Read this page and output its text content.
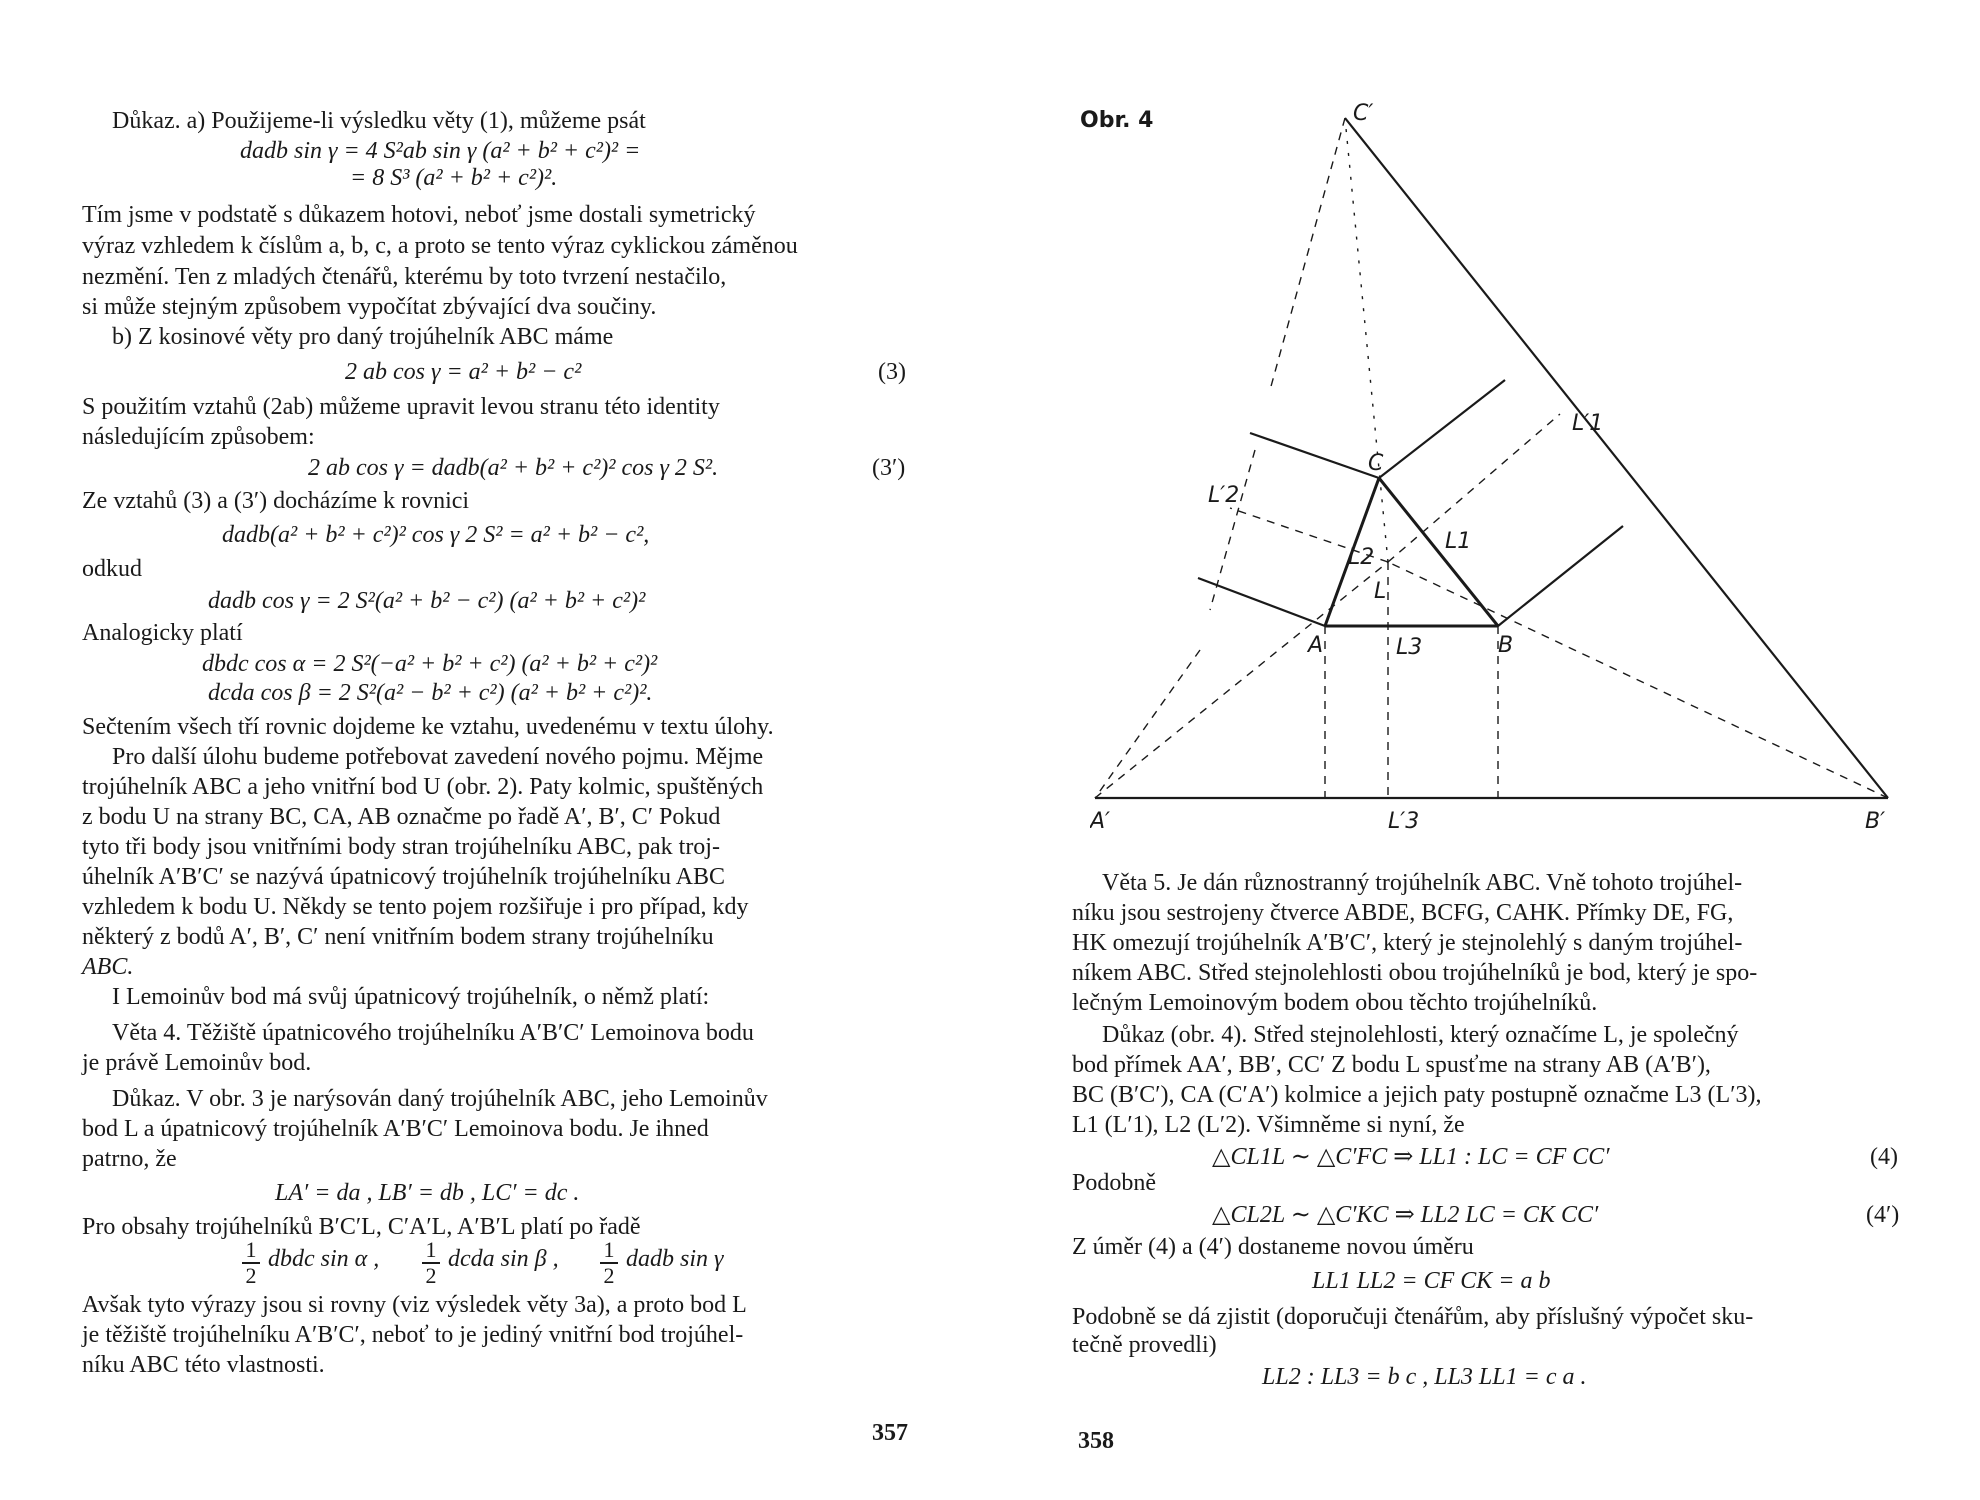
Důkaz. a) Použijeme-li výsledku věty (1), můžeme psát
dadb sin γ = 4 S²ab sin γ (a² + b² + c²)² =
= 8 S³ (a² + b² + c²)².
Tím jsme v podstatě s důkazem hotovi, neboť jsme dostali symetrický
výraz vzhledem k číslům a, b, c, a proto se tento výraz cyklickou záměnou
nezmění. Ten z mladých čtenářů, kterému by toto tvrzení nestačilo,
si může stejným způsobem vypočítat zbývající dva součiny.
b) Z kosinové věty pro daný trojúhelník ABC máme
2 ab cos γ = a² + b² − c²	(3)
S použitím vztahů (2ab) můžeme upravit levou stranu této identity
následujícím způsobem:
2 ab cos γ = dadb(a² + b² + c²)² cos γ 2 S².	(3′)
Ze vztahů (3) a (3′) docházíme k rovnici
dadb(a² + b² + c²)² cos γ 2 S² = a² + b² − c²,
odkud
dadb cos γ = 2 S²(a² + b² − c²) (a² + b² + c²)²
Analogicky platí
dbdc cos α = 2 S²(−a² + b² + c²) (a² + b² + c²)²
dcda cos β = 2 S²(a² − b² + c²) (a² + b² + c²)².
Sečtením všech tří rovnic dojdeme ke vztahu, uvedenému v textu úlohy.
Pro další úlohu budeme potřebovat zavedení nového pojmu. Mějme
trojúhelník ABC a jeho vnitřní bod U (obr. 2). Paty kolmic, spuštěných
z bodu U na strany BC, CA, AB označme po řadě A′, B′, C′ Pokud
tyto tři body jsou vnitřními body stran trojúhelníku ABC, pak troj-
úhelník A′B′C′ se nazývá úpatnicový trojúhelník trojúhelníku ABC
vzhledem k bodu U. Někdy se tento pojem rozšiřuje i pro případ, kdy
některý z bodů A′, B′, C′ není vnitřním bodem strany trojúhelníku
ABC.
I Lemoinův bod má svůj úpatnicový trojúhelník, o němž platí:
Věta 4. Těžiště úpatnicového trojúhelníku A′B′C′ Lemoinova bodu
je právě Lemoinův bod.
Důkaz. V obr. 3 je narýsován daný trojúhelník ABC, jeho Lemoinův
bod L a úpatnicový trojúhelník A′B′C′ Lemoinova bodu. Je ihned
patrno, že
LA′ = da , LB′ = db , LC′ = dc .
Pro obsahy trojúhelníků B′C′L, C′A′L, A′B′L platí po řadě
1
2
dbdc sin α , 1
2
dcda sin β , 1
2
dadb sin γ
Avšak tyto výrazy jsou si rovny (viz výsledek věty 3a), a proto bod L
je těžiště trojúhelníku A′B′C′, neboť to je jediný vnitřní bod trojúhel-
níku ABC této vlastnosti.
357
Obr. 4	C′
A′	B′
C
A	B
L
L1
L2
L3
L′1
L′2
L′3
Věta 5. Je dán různostranný trojúhelník ABC. Vně tohoto trojúhel-
níku jsou sestrojeny čtverce ABDE, BCFG, CAHK. Přímky DE, FG,
HK omezují trojúhelník A′B′C′, který je stejnolehlý s daným trojúhel-
níkem ABC. Střed stejnolehlosti obou trojúhelníků je bod, který je spo-
lečným Lemoinovým bodem obou těchto trojúhelníků.
Důkaz (obr. 4). Střed stejnolehlosti, který označíme L, je společný
bod přímek AA′, BB′, CC′ Z bodu L spusťme na strany AB (A′B′),
BC (B′C′), CA (C′A′) kolmice a jejich paty postupně označme L3 (L′3),
L1 (L′1), L2 (L′2). Všimněme si nyní, že
△CL1L ∼ △C′FC ⇒ LL1 : LC = CF CC′	(4)
Podobně
△CL2L ∼ △C′KC ⇒ LL2 LC = CK CC′	(4′)
Z úměr (4) a (4′) dostaneme novou úměru
LL1 LL2 = CF CK = a b
Podobně se dá zjistit (doporučuji čtenářům, aby příslušný výpočet sku-
tečně provedli)
LL2 : LL3 = b c , LL3 LL1 = c a .
358
